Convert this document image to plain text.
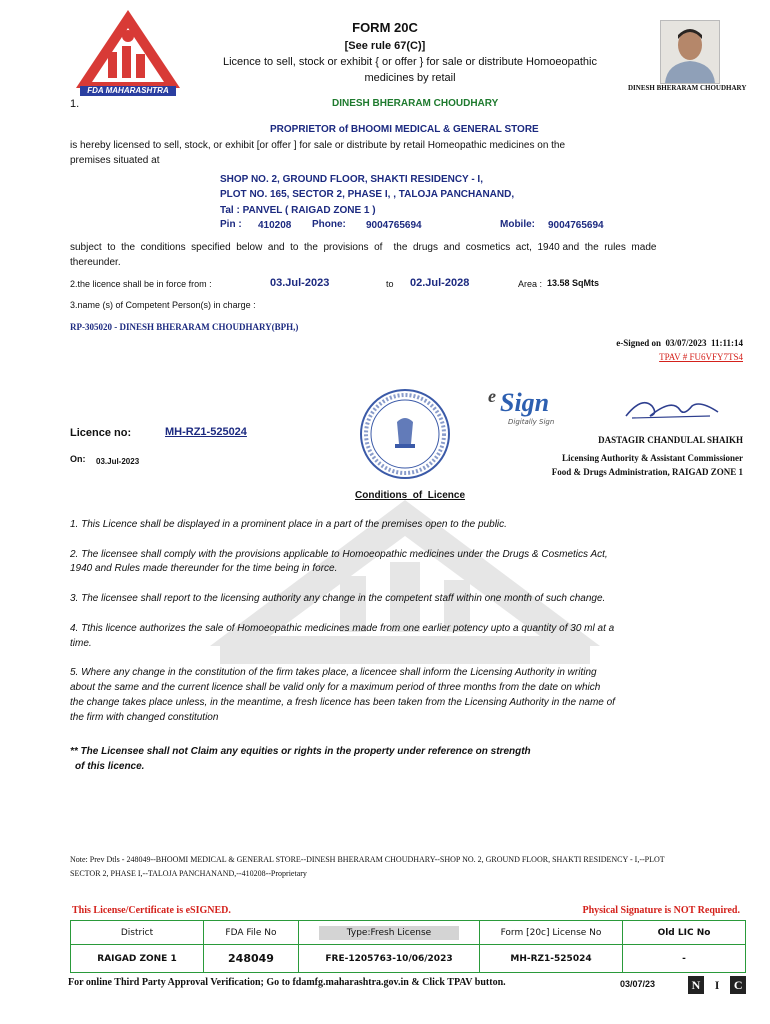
FDA MAHARASHTRA
FORM 20C
[See rule 67(C)]
Licence to sell, stock or exhibit { or offer } for sale or distribute Homoeopathic
medicines by retail
DINESH BHERARAM CHOUDHARY
1.	DINESH BHERARAM CHOUDHARY
PROPRIETOR of BHOOMI MEDICAL & GENERAL STORE
is hereby licensed to sell, stock, or exhibit [or offer ] for sale or distribute by retail Homeopathic medicines on the
premises situated at
SHOP NO. 2, GROUND FLOOR, SHAKTI RESIDENCY - I,
PLOT NO. 165, SECTOR 2, PHASE I, , TALOJA PANCHANAND,
Tal : PANVEL ( RAIGAD ZONE 1 )
Pin : 410208 Phone: 9004765694	Mobile: 9004765694
subject  to  the  conditions  specified  below  and  to  the  provisions  of    the  drugs  and  cosmetics  act,  1940 and  the  rules  made
thereunder.
2.the licence shall be in force from :	03.Jul-2023	to 02.Jul-2028	Area : 13.58 SqMts
3.name (s) of Competent Person(s) in charge :
RP-305020 - DINESH BHERARAM CHOUDHARY(BPH,)
e-Signed on  03/07/2023  11:11:14
TPAV # FU6VFY7TS4
e Sign
Digitally Sign
Licence no:	MH-RZ1-525024
On: 03.Jul-2023
DASTAGIR CHANDULAL SHAIKH
Licensing Authority & Assistant Commissioner
Food & Drugs Administration, RAIGAD ZONE 1
Conditions  of  Licence
1. This Licence shall be displayed in a prominent place in a part of the premises open to the public.
2. The licensee shall comply with the provisions applicable to Homoeopathic medicines under the Drugs & Cosmetics Act,
1940 and Rules made thereunder for the time being in force.
3. The licensee shall report to the licensing authority any change in the competent staff within one month of such change.
4. Tthis licence authorizes the sale of Homoeopathic medicines made from one earlier potency upto a quantity of 30 ml at a
time.
5. Where any change in the constitution of the firm takes place, a licencee shall inform the Licensing Authority in writing
about the same and the current licence shall be valid only for a maximum period of three months from the date on which
the change takes place unless, in the meantime, a fresh licence has been taken from the Licensing Authority in the name of
the firm with changed constitution
** The Licensee shall not Claim any equities or rights in the property under reference on strength
of this licence.
Note: Prev Dtls - 248049--BHOOMI MEDICAL & GENERAL STORE--DINESH BHERARAM CHOUDHARY--SHOP NO. 2, GROUND FLOOR, SHAKTI RESIDENCY - I,--PLOT
SECTOR 2, PHASE I,--TALOJA PANCHANAND,--410208--Proprietary
This License/Certificate is eSIGNED.	Physical Signature is NOT Required.
District	FDA File No	Type:Fresh License	Form [20c] License No	Old LIC No
RAIGAD ZONE 1	248049	FRE-1205763-10/06/2023	MH-RZ1-525024	-
For online Third Party Approval Verification; Go to fdamfg.maharashtra.gov.in & Click TPAV button.	03/07/23	N I C
